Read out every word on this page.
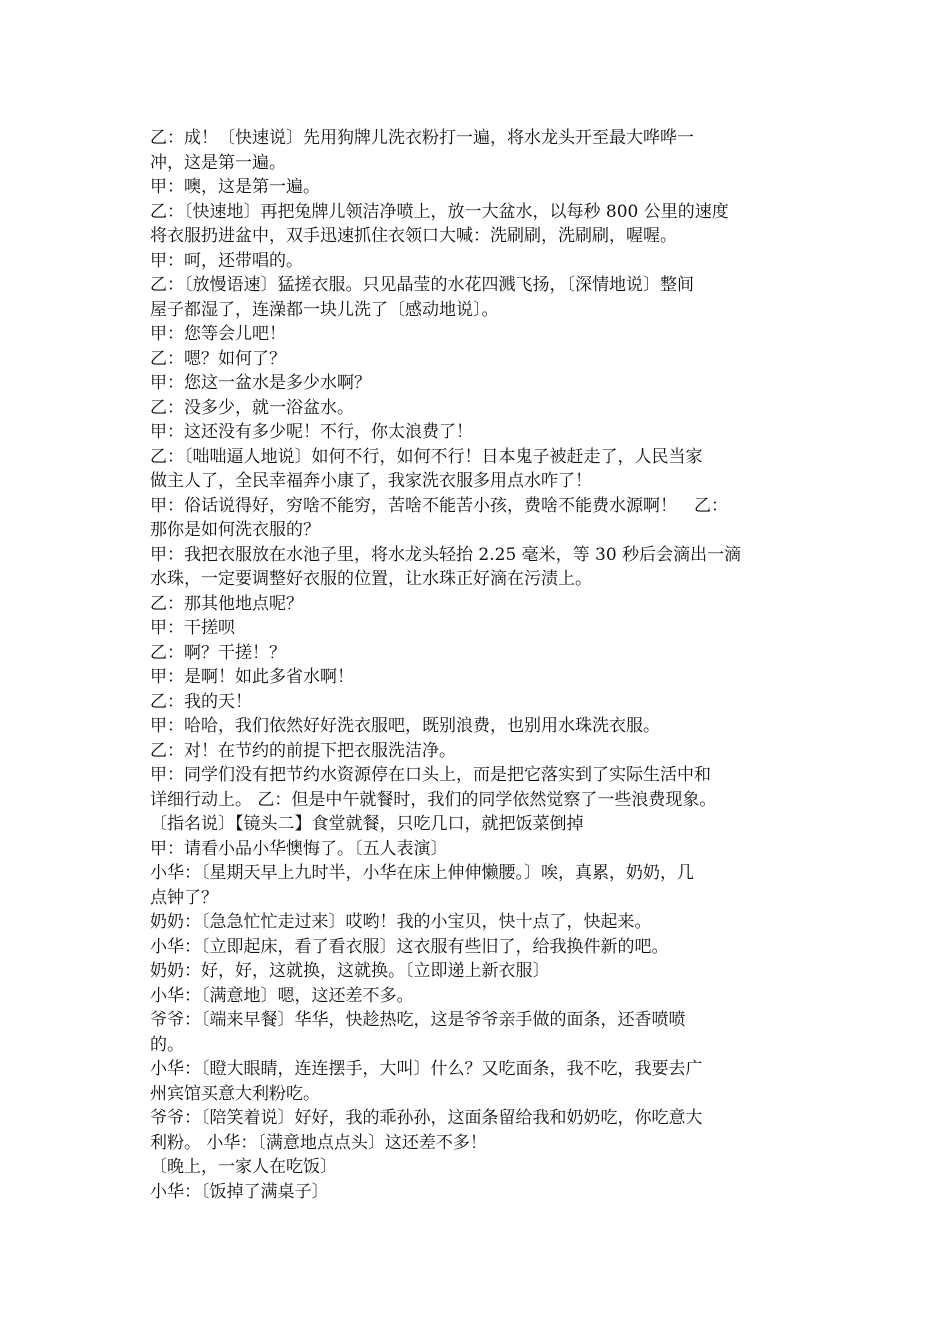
乙：成！〔快速说〕先用狗牌儿洗衣粉打一遍，将水龙头开至最大哗哗一
冲，这是第一遍。
甲：噢，这是第一遍。
乙：〔快速地〕再把兔牌儿领洁净喷上，放一大盆水，以每秒 800 公里的速度
将衣服扔进盆中，双手迅速抓住衣领口大喊：洗刷刷，洗刷刷，喔喔。
甲：呵，还带唱的。
乙：〔放慢语速〕猛搓衣服。只见晶莹的水花四溅飞扬，〔深情地说〕整间
屋子都湿了，连澡都一块儿洗了〔感动地说〕。
甲：您等会儿吧！
乙：嗯？如何了？
甲：您这一盆水是多少水啊？
乙：没多少，就一浴盆水。
甲：这还没有多少呢！不行，你太浪费了！
乙：〔咄咄逼人地说〕如何不行，如何不行！日本鬼子被赶走了，人民当家
做主人了，全民幸福奔小康了，我家洗衣服多用点水咋了！
甲：俗话说得好，穷啥不能穷，苦啥不能苦小孩，费啥不能费水源啊！　乙：
那你是如何洗衣服的？
甲：我把衣服放在水池子里，将水龙头轻抬 2.25 毫米，等 30 秒后会滴出一滴
水珠，一定要调整好衣服的位置，让水珠正好滴在污渍上。
乙：那其他地点呢？
甲：干搓呗
乙：啊？干搓！？
甲：是啊！如此多省水啊！
乙：我的天！
甲：哈哈，我们依然好好洗衣服吧，既别浪费，也别用水珠洗衣服。
乙：对！在节约的前提下把衣服洗洁净。
甲：同学们没有把节约水资源停在口头上，而是把它落实到了实际生活中和
详细行动上。 乙：但是中午就餐时，我们的同学依然觉察了一些浪费现象。
〔指名说〕【镜头二】食堂就餐，只吃几口，就把饭菜倒掉
甲：请看小品小华懊悔了。〔五人表演〕
小华：〔星期天早上九时半，小华在床上伸伸懒腰。〕唉，真累，奶奶，几
点钟了？
奶奶：〔急急忙忙走过来〕哎哟！我的小宝贝，快十点了，快起来。
小华：〔立即起床，看了看衣服〕这衣服有些旧了，给我换件新的吧。
奶奶：好，好，这就换，这就换。〔立即递上新衣服〕
小华：〔满意地〕嗯，这还差不多。
爷爷：〔端来早餐〕华华，快趁热吃，这是爷爷亲手做的面条，还香喷喷
的。
小华：〔瞪大眼睛，连连摆手，大叫〕什么？又吃面条，我不吃，我要去广
州宾馆买意大利粉吃。
爷爷：〔陪笑着说〕好好，我的乖孙孙，这面条留给我和奶奶吃，你吃意大
利粉。 小华：〔满意地点点头〕这还差不多！
〔晚上，一家人在吃饭〕
小华：〔饭掉了满桌子〕
